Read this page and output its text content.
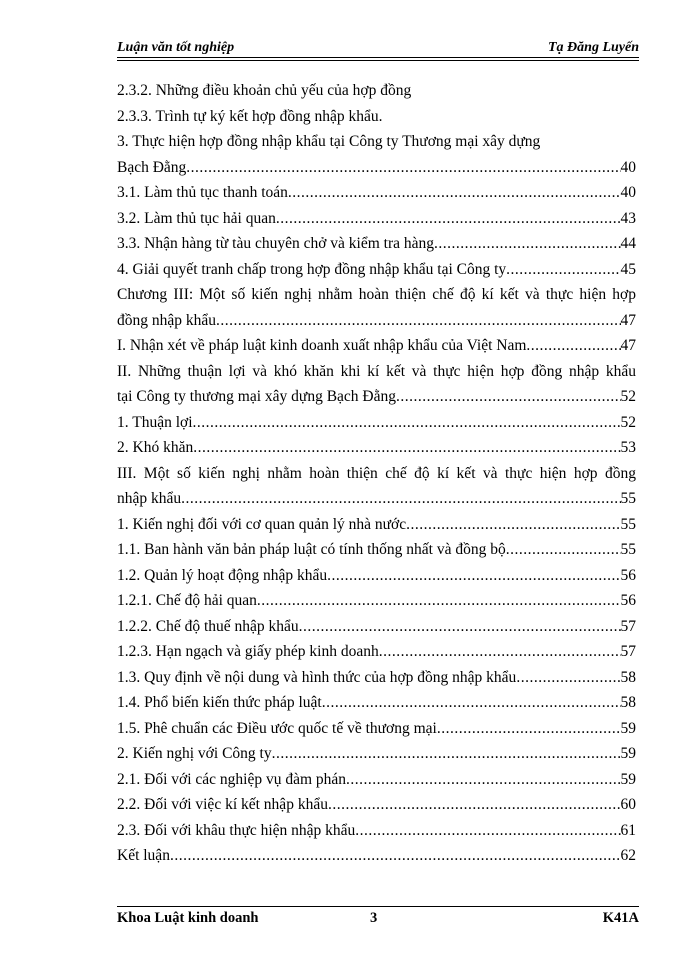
Luận văn tốt nghiệp	Tạ Đăng Luyến
2.3.2. Những điều khoản chủ yếu của hợp đồng
2.3.3. Trình tự ký kết hợp đồng nhập khẩu.
3. Thực hiện hợp đồng nhập khẩu tại Công ty Thương mại xây dựng
Bạch Đằng .....	40
3.1. Làm thủ tục thanh toán .....	40
3.2. Làm thủ tục hải quan .....	43
3.3. Nhận hàng từ tàu chuyên chở và kiểm tra hàng .....	44
4. Giải quyết tranh chấp trong hợp đồng nhập khẩu tại Công ty .....	45
Chương III: Một số kiến nghị nhằm hoàn thiện chế độ kí kết và thực hiện hợp
đồng nhập khẩu .....	47
I. Nhận xét về pháp luật kinh doanh xuất nhập khẩu của Việt Nam .....	47
II. Những thuận lợi và khó khăn khi kí kết và thực hiện hợp đồng nhập khẩu
tại Công ty thương mại xây dựng Bạch Đằng .....	52
1. Thuận lợi .....	52
2. Khó khăn .....	53
III. Một số kiến nghị nhằm hoàn thiện chế độ kí kết và thực hiện hợp đồng
nhập khẩu .....	55
1. Kiến nghị đối với cơ quan quản lý nhà nước .....	55
1.1. Ban hành văn bản pháp luật có tính thống nhất và đồng bộ .....	55
1.2. Quản lý hoạt động nhập khẩu .....	56
1.2.1. Chế độ hải quan .....	56
1.2.2. Chế độ thuế nhập khẩu .....	57
1.2.3. Hạn ngạch và giấy phép kinh doanh .....	57
1.3. Quy định về nội dung và hình thức của hợp đồng nhập khẩu .....	58
1.4. Phổ biến kiến thức pháp luật .....	58
1.5. Phê chuẩn các Điều ước quốc tế về thương mại .....	59
2. Kiến nghị với Công ty .....	59
2.1. Đối với các nghiệp vụ đàm phán .....	59
2.2. Đối với việc kí kết nhập khẩu .....	60
2.3. Đối với khâu thực hiện nhập khẩu .....	61
Kết luận .....	62
Khoa Luật kinh doanh	3	K41A
